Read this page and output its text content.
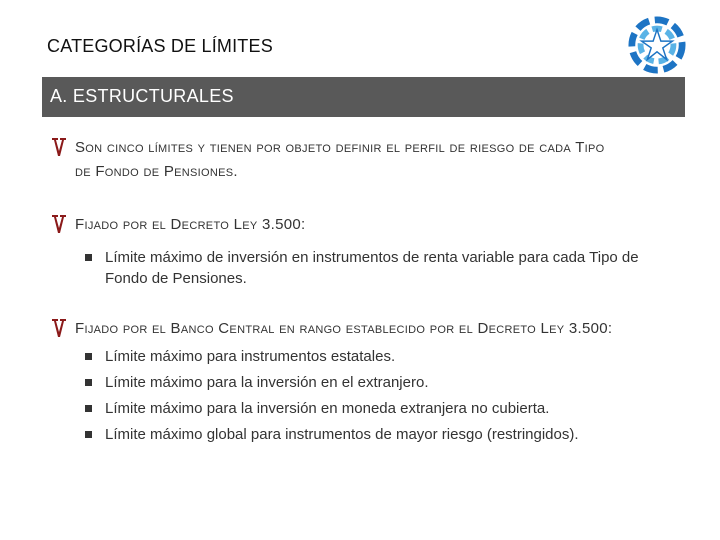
CATEGORÍAS DE LÍMITES
A. ESTRUCTURALES
Son cinco límites y tienen por objeto definir el perfil de riesgo de cada Tipo
de Fondo de Pensiones.
Fijado por el Decreto Ley 3.500:
Límite máximo de inversión en instrumentos de renta variable para cada Tipo de Fondo de Pensiones.
Fijado por el Banco Central en rango establecido por el Decreto Ley 3.500:
Límite máximo para instrumentos estatales.
Límite máximo para la inversión en el extranjero.
Límite máximo para la inversión en moneda extranjera no cubierta.
Límite máximo global para instrumentos de mayor riesgo (restringidos).
